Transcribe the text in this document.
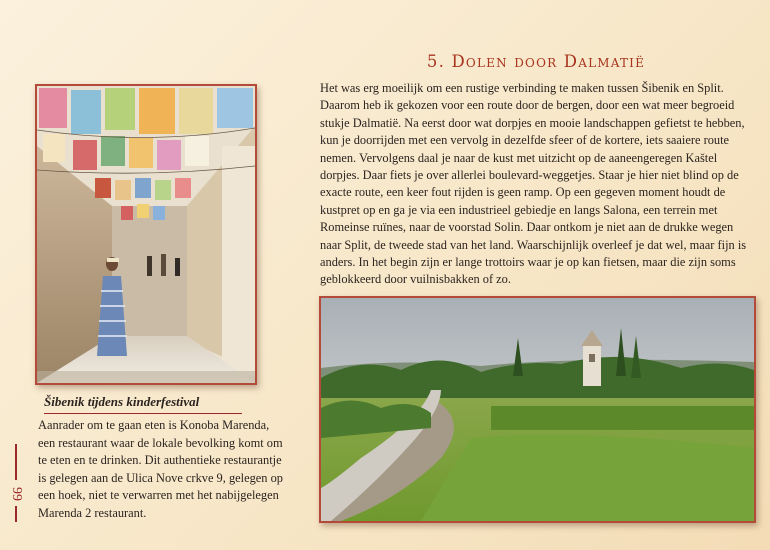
99
Šibenik tijdens kinderfestival
Aanrader om te gaan eten is Konoba Marenda, een restaurant waar de lokale bevolking komt om te eten en te drinken. Dit authentieke restaurantje is gelegen aan de Ulica Nove crkve 9, gelegen op een hoek, niet te verwarren met het nabijgelegen Marenda 2 restaurant.
5. Dolen door Dalmatië
Het was erg moeilijk om een rustige verbinding te maken tussen Šibenik en Split. Daarom heb ik gekozen voor een route door de bergen, door een wat meer begroeid stukje Dalmatië. Na eerst door wat dorpjes en mooie landschappen gefietst te hebben, kun je doorrijden met een vervolg in dezelfde sfeer of de kortere, iets saaiere route nemen. Vervolgens daal je naar de kust met uitzicht op de aaneengeregen Kaštel dorpjes. Daar fiets je over allerlei boulevard-weggetjes. Staar je hier niet blind op de exacte route, een keer fout rijden is geen ramp. Op een gegeven moment houdt de kustpret op en ga je via een industrieel gebiedje en langs Salona, een terrein met Romeinse ruïnes, naar de voorstad Solin. Daar ontkom je niet aan de drukke wegen naar Split, de tweede stad van het land. Waarschijnlijk overleef je dat wel, maar fijn is anders. In het begin zijn er lange trottoirs waar je op kan fietsen, maar die zijn soms geblokkeerd door vuilnisbakken of zo.
